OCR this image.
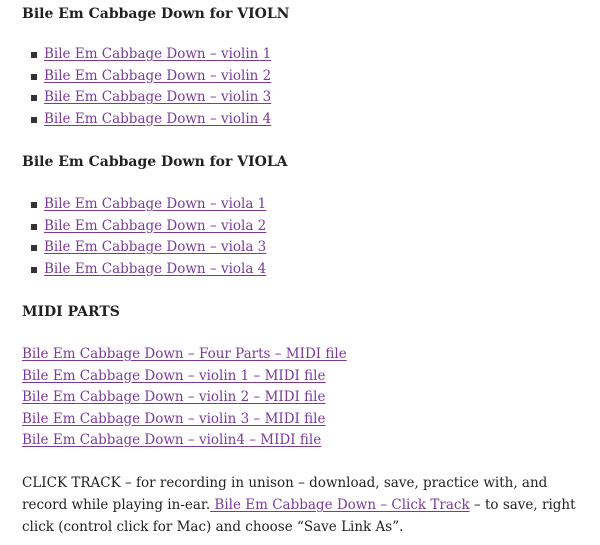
Bile Em Cabbage Down for VIOLN
Bile Em Cabbage Down – violin 1
Bile Em Cabbage Down – violin 2
Bile Em Cabbage Down – violin 3
Bile Em Cabbage Down – violin 4
Bile Em Cabbage Down for VIOLA
Bile Em Cabbage Down – viola 1
Bile Em Cabbage Down – viola 2
Bile Em Cabbage Down – viola 3
Bile Em Cabbage Down – viola 4
MIDI PARTS
Bile Em Cabbage Down – Four Parts – MIDI file
Bile Em Cabbage Down – violin 1 – MIDI file
Bile Em Cabbage Down – violin 2 – MIDI file
Bile Em Cabbage Down – violin 3 – MIDI file
Bile Em Cabbage Down – violin4 – MIDI file

CLICK TRACK – for recording in unison – download, save, practice with, and record while playing in-ear. Bile Em Cabbage Down – Click Track – to save, right click (control click for Mac) and choose “Save Link As”.
